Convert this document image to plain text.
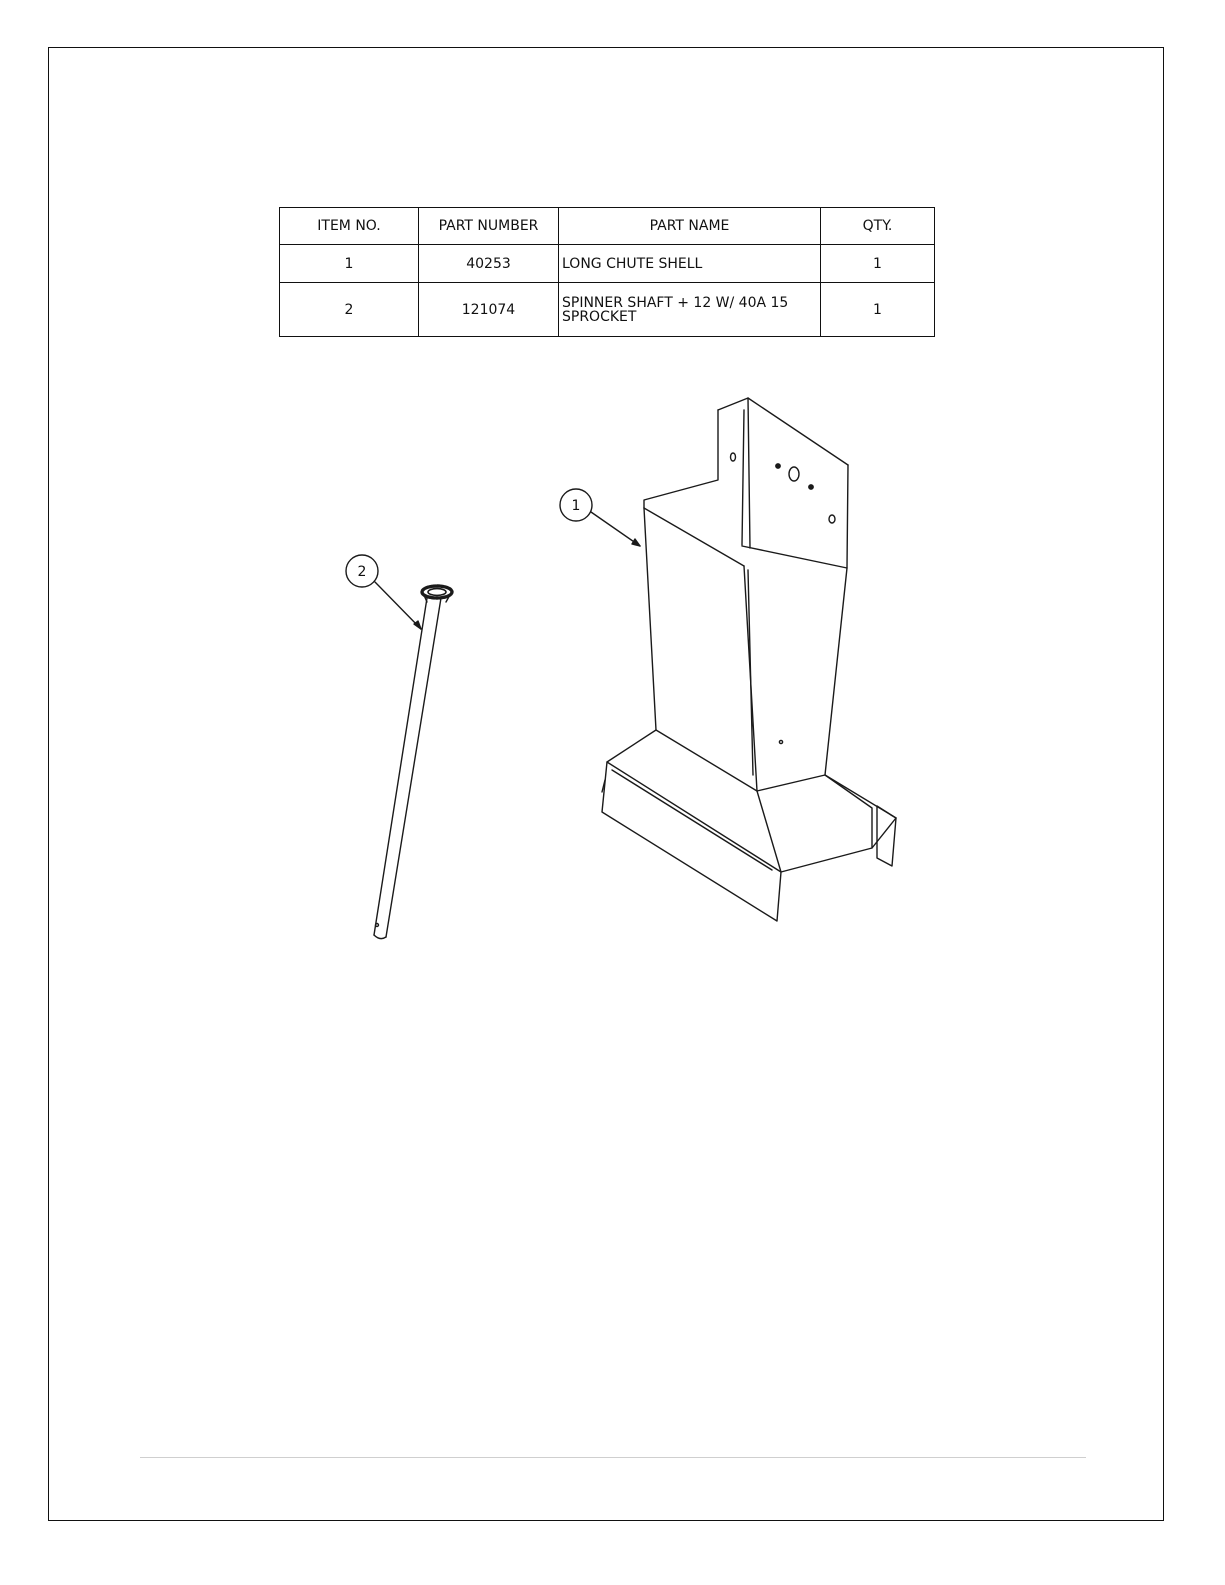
ITEM NO.	PART NUMBER	PART NAME	QTY.
1	40253	LONG CHUTE SHELL	1
2	121074	SPINNER SHAFT + 12 W/ 40A 15 SPROCKET	1
1
2
